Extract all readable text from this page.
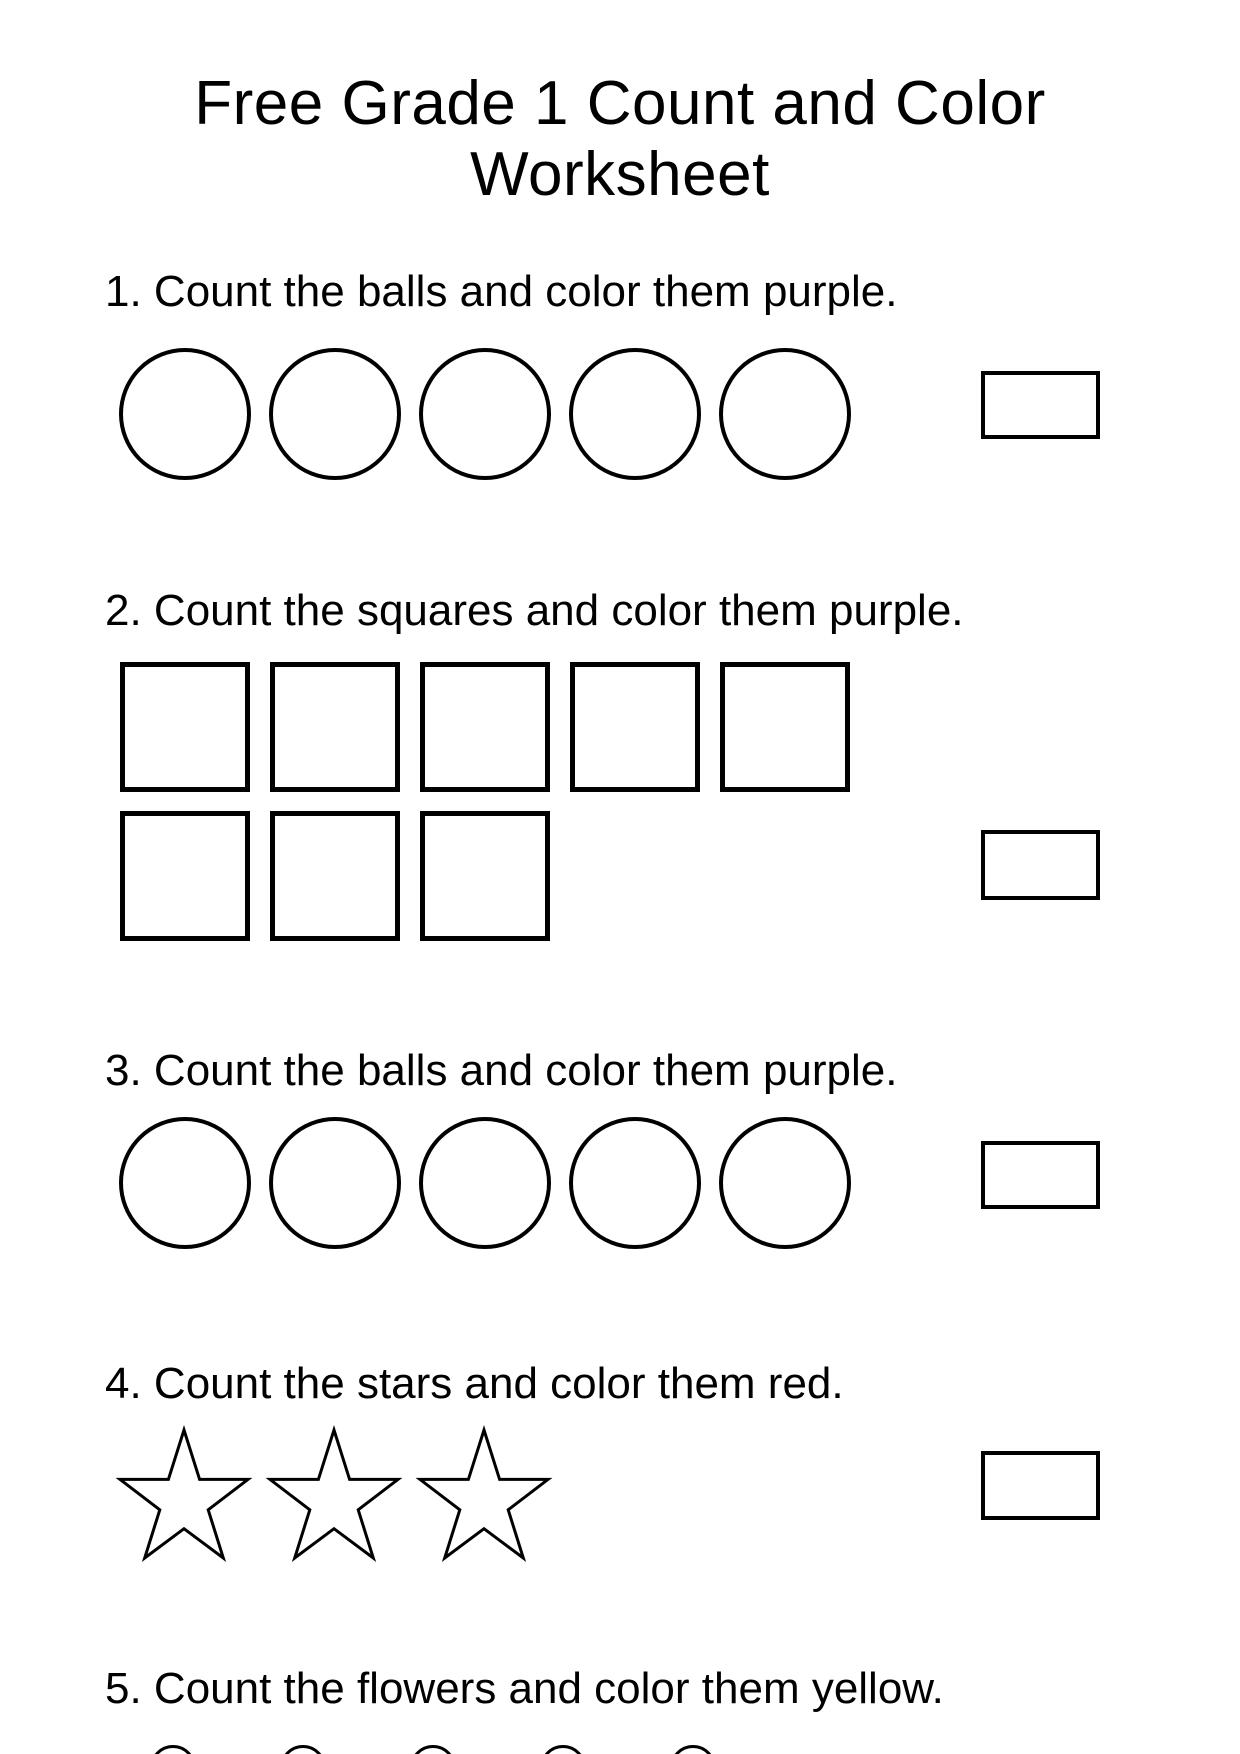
Free Grade 1 Count and Color
Worksheet
1. Count the balls and color them purple.
2. Count the squares and color them purple.
3. Count the balls and color them purple.
4. Count the stars and color them red.
5. Count the flowers and color them yellow.
